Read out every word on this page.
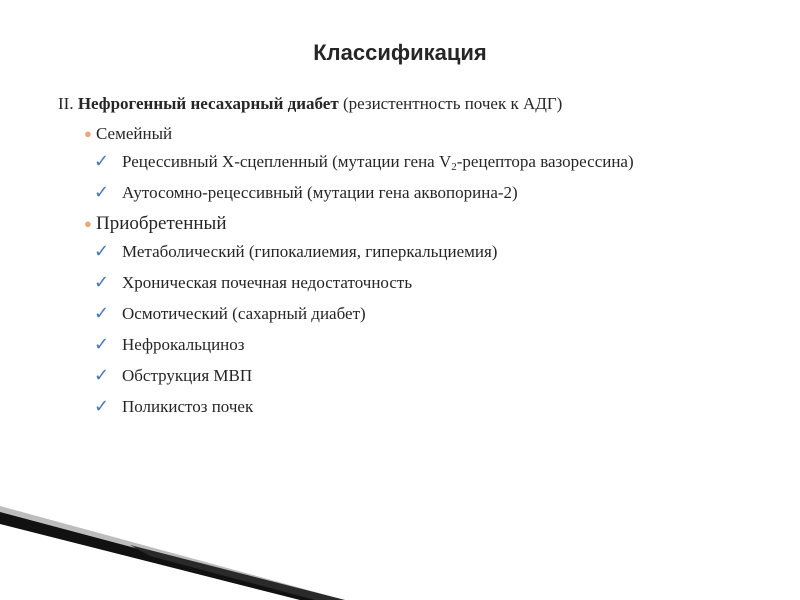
Классификация
II. Нефрогенный несахарный диабет (резистентность почек к АДГ)
● Семейный
✓ Рецессивный X-сцепленный (мутации гена $V_2$-рецептора вазорессина)
✓ Аутосомно-рецессивный (мутации гена аквопорина-2)
● Приобретенный
✓ Метаболический (гипокалиемия, гиперкальциемия)
✓ Хроническая почечная недостаточность
✓ Осмотический (сахарный диабет)
✓ Нефрокальциноз
✓ Обструкция МВП
✓ Поликистоз почек
